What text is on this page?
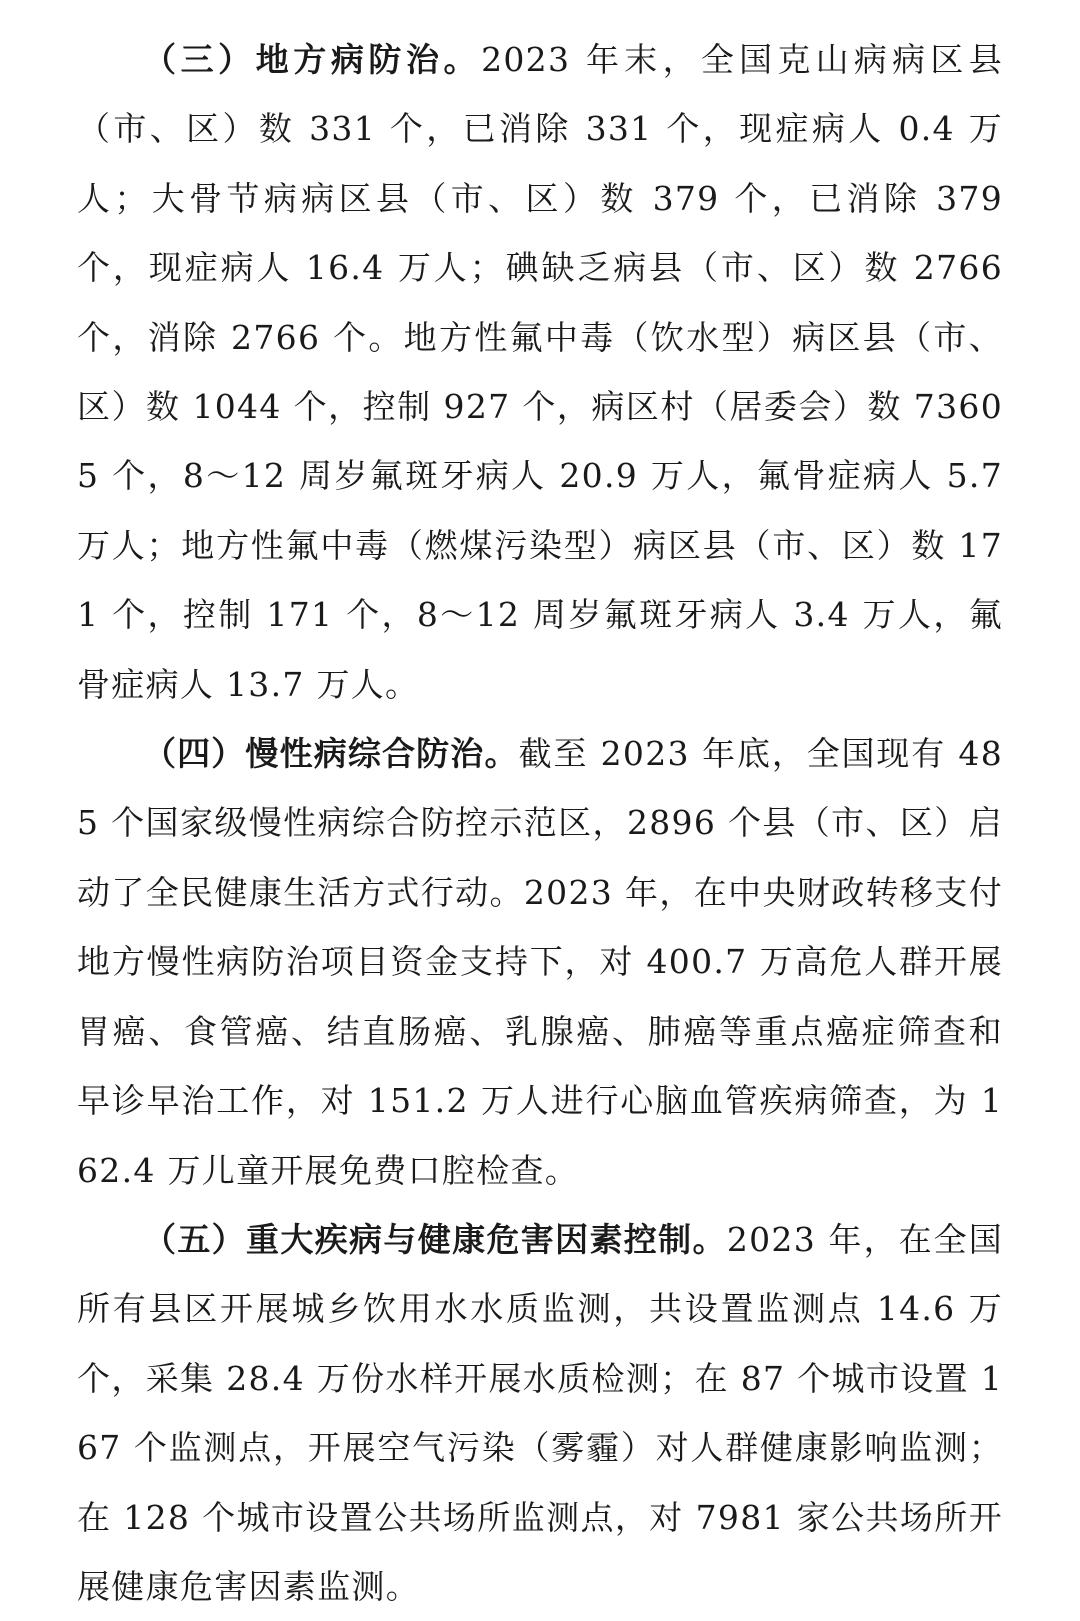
（三）地方病防治。2023 年末，全国克山病病区县（市、区）数 331 个，已消除 331 个，现症病人 0.4 万人；大骨节病病区县（市、区）数 379 个，已消除 379 个，现症病人 16.4 万人；碘缺乏病县（市、区）数 2766 个，消除 2766 个。地方性氟中毒（饮水型）病区县（市、区）数 1044 个，控制 927 个，病区村（居委会）数 73605 个，8～12 周岁氟斑牙病人 20.9 万人，氟骨症病人 5.7 万人；地方性氟中毒（燃煤污染型）病区县（市、区）数 171 个，控制 171 个，8～12 周岁氟斑牙病人 3.4 万人，氟骨症病人 13.7 万人。

（四）慢性病综合防治。截至 2023 年底，全国现有 485 个国家级慢性病综合防控示范区，2896 个县（市、区）启动了全民健康生活方式行动。2023 年，在中央财政转移支付地方慢性病防治项目资金支持下，对 400.7 万高危人群开展胃癌、食管癌、结直肠癌、乳腺癌、肺癌等重点癌症筛查和早诊早治工作，对 151.2 万人进行心脑血管疾病筛查，为 162.4 万儿童开展免费口腔检查。

（五）重大疾病与健康危害因素控制。2023 年，在全国所有县区开展城乡饮用水水质监测，共设置监测点 14.6 万个，采集 28.4 万份水样开展水质检测；在 87 个城市设置 167 个监测点，开展空气污染（雾霾）对人群健康影响监测；在 128 个城市设置公共场所监测点，对 7981 家公共场所开展健康危害因素监测。
